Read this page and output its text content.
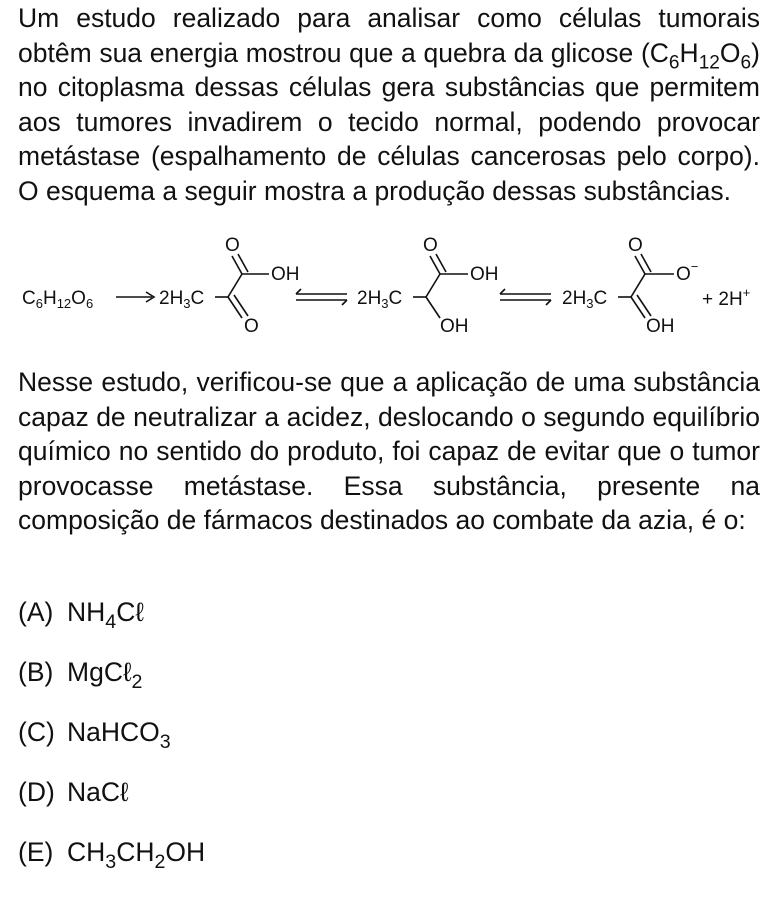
Um estudo realizado para analisar como células tumorais obtêm sua energia mostrou que a quebra da glicose $(C_6H_{12}O_6)$ no citoplasma dessas células gera substâncias que permitem aos tumores invadirem o tecido normal, podendo provocar metástase (espalhamento de células cancerosas pelo corpo). O esquema a seguir mostra a produção dessas substâncias.

$C_6H_{12}O_6$	$2H_3C$
O
OH
O
$2H_3C$
O
OH
OH
$2H_3C$
O
O−
OH
+ 2H+

Nesse estudo, verificou-se que a aplicação de uma substância capaz de neutralizar a acidez, deslocando o segundo equilíbrio químico no sentido do produto, foi capaz de evitar que o tumor provocasse metástase. Essa substância, presente na composição de fármacos destinados ao combate da azia, é o:

(A) $NH_4C\ell$
(B) MgCℓ$_2$
(C) NaHCO$_3$
(D) NaCℓ
(E) $CH_3CH_2OH$
